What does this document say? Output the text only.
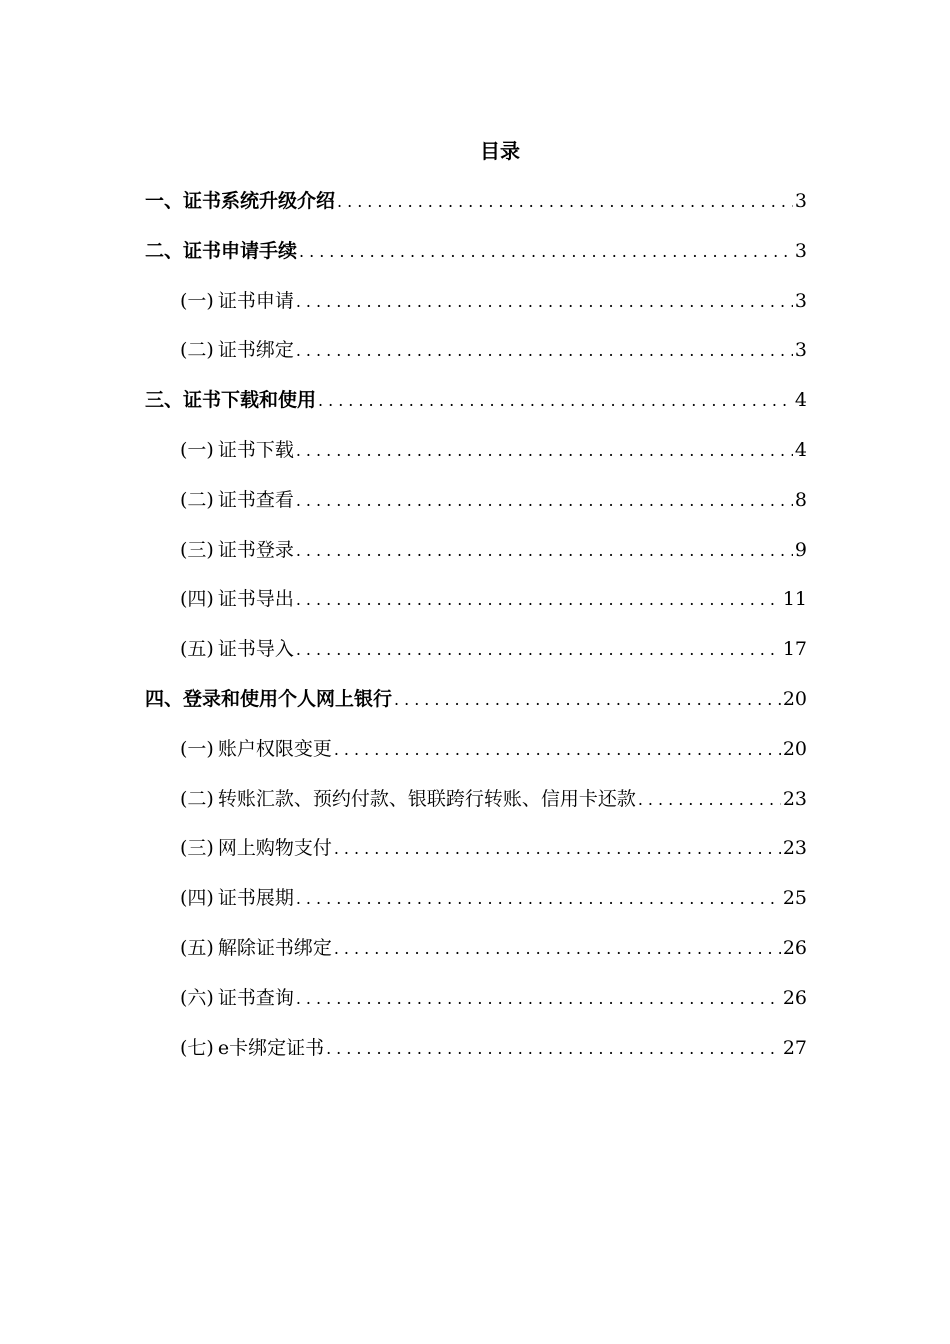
目录
一、 证书系统升级介绍 .....	3
二、 证书申请手续 .....	3
(一) 证书申请 .....	3
(二) 证书绑定 .....	3
三、 证书下载和使用 .....	4
(一) 证书下载 .....	4
(二) 证书查看 .....	8
(三) 证书登录 .....	9
(四) 证书导出 .....	11
(五) 证书导入 .....	17
四、 登录和使用个人网上银行 .....	20
(一) 账户权限变更 .....	20
(二) 转账汇款、预约付款、银联跨行转账、信用卡还款 .....	23
(三) 网上购物支付 .....	23
(四) 证书展期 .....	25
(五) 解除证书绑定 .....	26
(六) 证书查询 .....	26
(七) e卡绑定证书 .....	27
